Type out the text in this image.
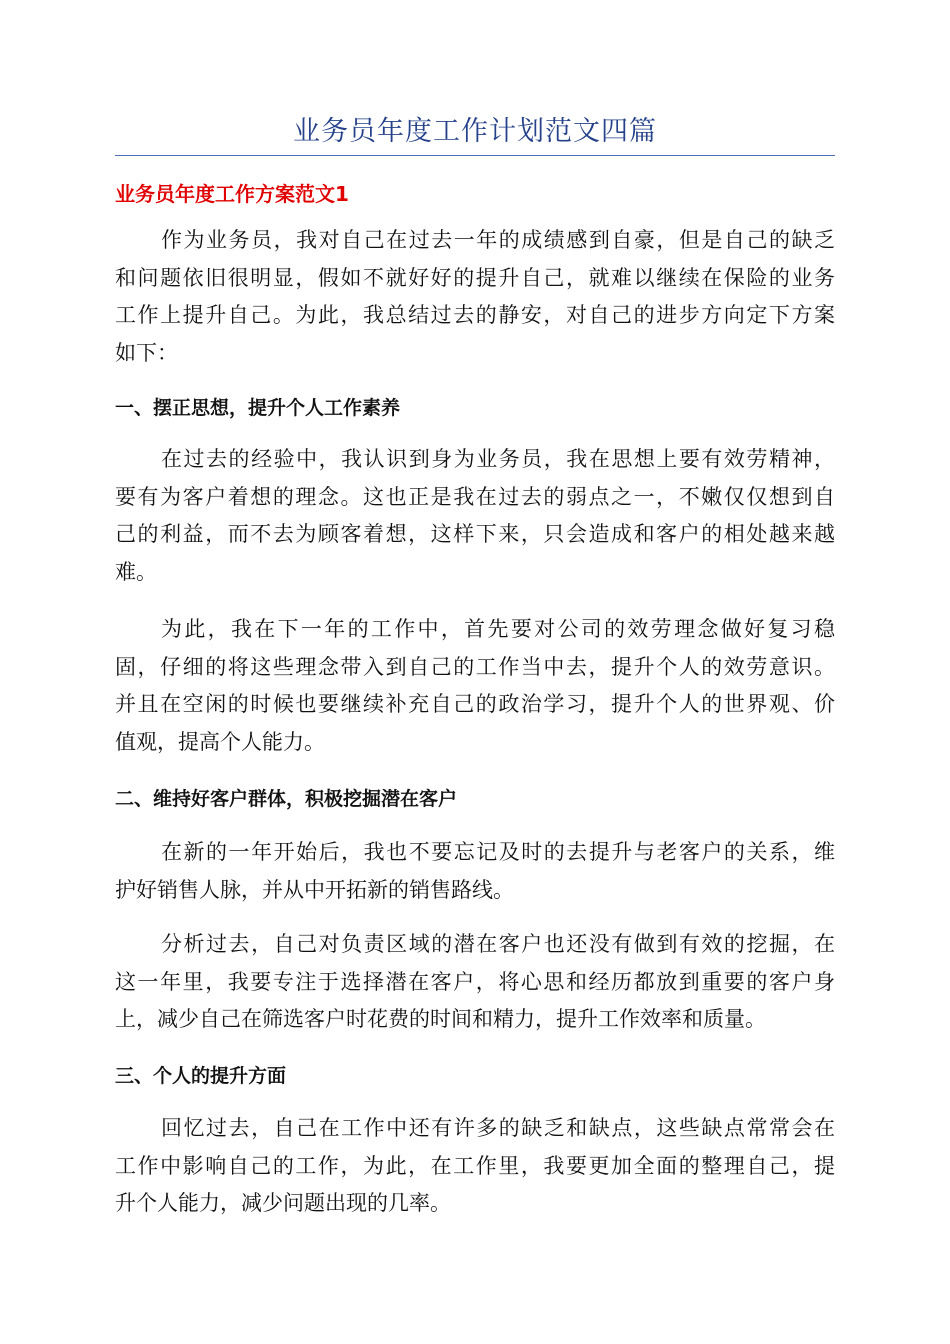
业务员年度工作计划范文四篇
业务员年度工作方案范文1
作为业务员，我对自己在过去一年的成绩感到自豪，但是自己的缺乏
和问题依旧很明显，假如不就好好的提升自己，就难以继续在保险的业务
工作上提升自己。为此，我总结过去的静安，对自己的进步方向定下方案
如下：
一、摆正思想，提升个人工作素养
在过去的经验中，我认识到身为业务员，我在思想上要有效劳精神，
要有为客户着想的理念。这也正是我在过去的弱点之一，不嫩仅仅想到自
己的利益，而不去为顾客着想，这样下来，只会造成和客户的相处越来越
难。
为此，我在下一年的工作中，首先要对公司的效劳理念做好复习稳
固，仔细的将这些理念带入到自己的工作当中去，提升个人的效劳意识。
并且在空闲的时候也要继续补充自己的政治学习，提升个人的世界观、价
值观，提高个人能力。
二、维持好客户群体，积极挖掘潜在客户
在新的一年开始后，我也不要忘记及时的去提升与老客户的关系，维
护好销售人脉，并从中开拓新的销售路线。
分析过去，自己对负责区域的潜在客户也还没有做到有效的挖掘，在
这一年里，我要专注于选择潜在客户，将心思和经历都放到重要的客户身
上，减少自己在筛选客户时花费的时间和精力，提升工作效率和质量。
三、个人的提升方面
回忆过去，自己在工作中还有许多的缺乏和缺点，这些缺点常常会在
工作中影响自己的工作，为此，在工作里，我要更加全面的整理自己，提
升个人能力，减少问题出现的几率。
